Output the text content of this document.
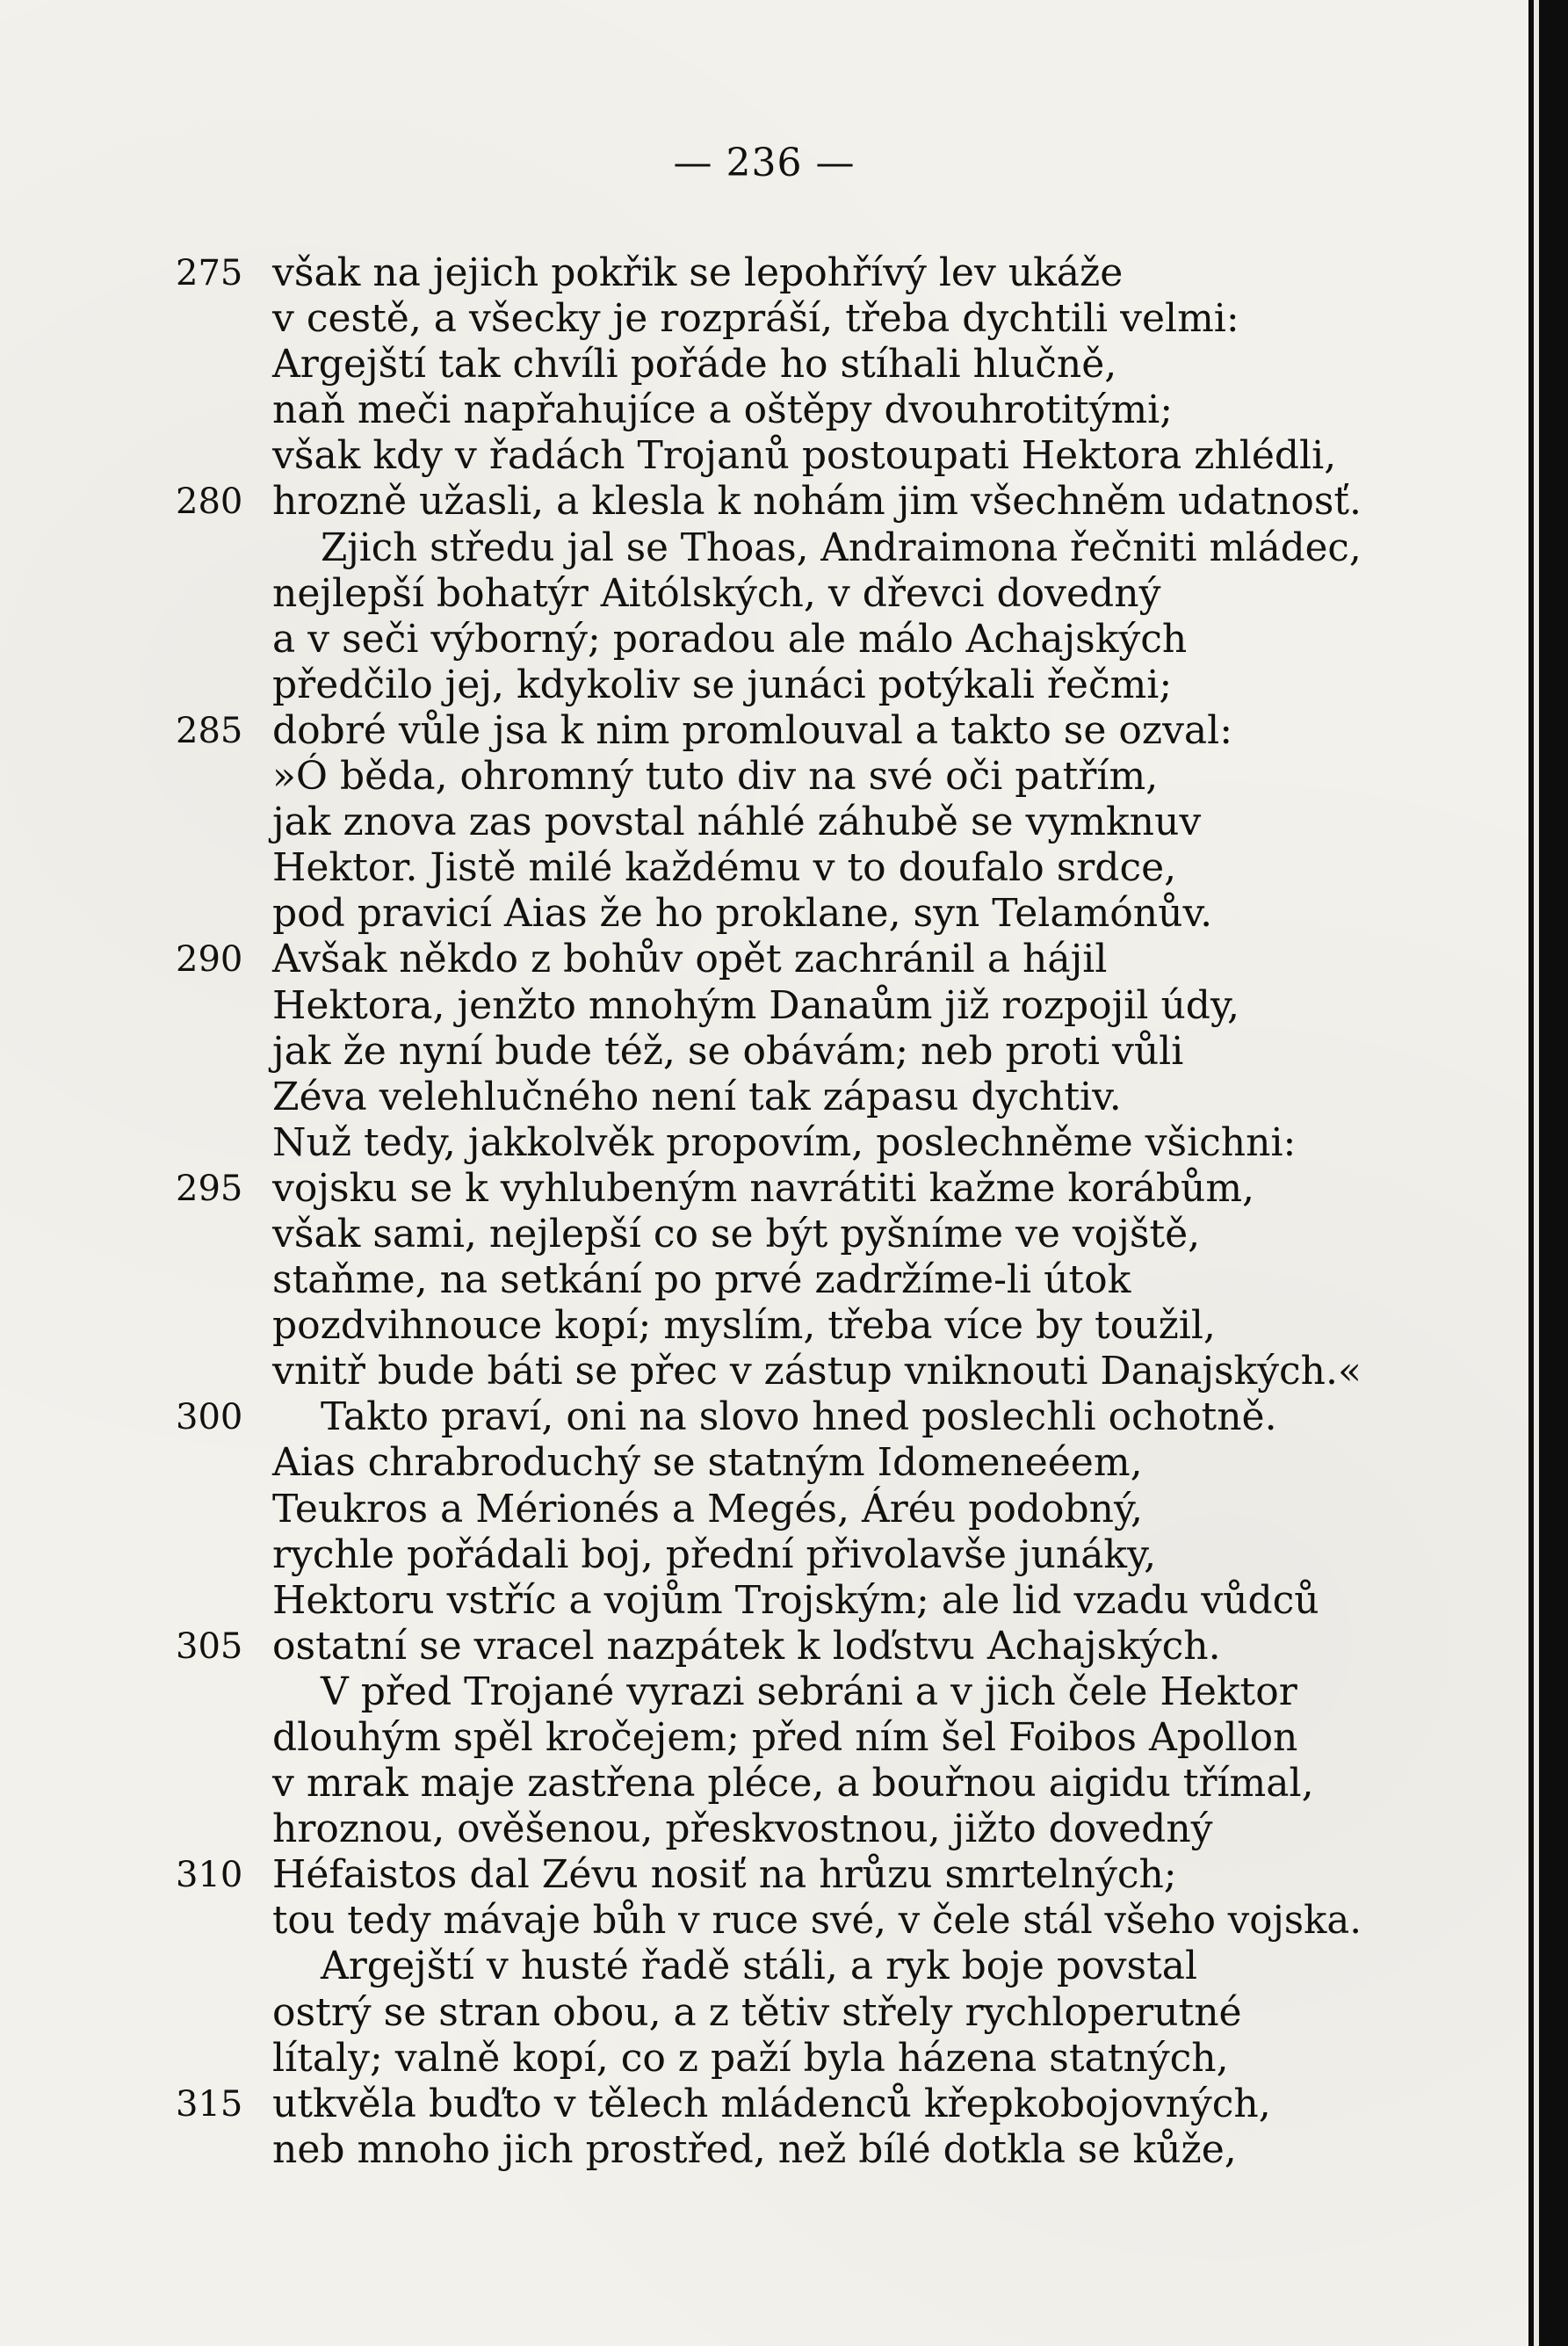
— 236 —
275 však na jejich pokřik se lepohřívý lev ukáže
v cestě, a všecky je rozpráší, třeba dychtili velmi:
Argejští tak chvíli pořáde ho stíhali hlučně,
naň meči napřahujíce a oštěpy dvouhrotitými;
však kdy v řadách Trojanů postoupati Hektora zhlédli,
280 hrozně užasli, a klesla k nohám jim všechněm udatnosť.
Zjich středu jal se Thoas, Andraimona řečniti mládec,
nejlepší bohatýr Aitólských, v dřevci dovedný
a v seči výborný; poradou ale málo Achajských
předčilo jej, kdykoliv se junáci potýkali řečmi;
285 dobré vůle jsa k nim promlouval a takto se ozval:
»Ó běda, ohromný tuto div na své oči patřím,
jak znova zas povstal náhlé záhubě se vymknuv
Hektor. Jistě milé každému v to doufalo srdce,
pod pravicí Aias že ho proklane, syn Telamónův.
290 Avšak někdo z bohův opět zachránil a hájil
Hektora, jenžto mnohým Danaům již rozpojil údy,
jak že nyní bude též, se obávám; neb proti vůli
Zéva velehlučného není tak zápasu dychtiv.
Nuž tedy, jakkolvěk propovím, poslechněme všichni:
295 vojsku se k vyhlubeným navrátiti kažme korábům,
však sami, nejlepší co se být pyšníme ve vojště,
staňme, na setkání po prvé zadržíme-li útok
pozdvihnouce kopí; myslím, třeba více by toužil,
vnitř bude báti se přec v zástup vniknouti Danajských.«
300	Takto praví, oni na slovo hned poslechli ochotně.
Aias chrabroduchý se statným Idomeneéem,
Teukros a Mérionés a Megés, Áréu podobný,
rychle pořádali boj, přední přivolavše junáky,
Hektoru vstříc a vojům Trojským; ale lid vzadu vůdců
305 ostatní se vracel nazpátek k loďstvu Achajských.
V před Trojané vyrazi sebráni a v jich čele Hektor
dlouhým spěl kročejem; před ním šel Foibos Apollon
v mrak maje zastřena pléce, a bouřnou aigidu třímal,
hroznou, ověšenou, přeskvostnou, jižto dovedný
310 Héfaistos dal Zévu nosiť na hrůzu smrtelných;
tou tedy mávaje bůh v ruce své, v čele stál všeho vojska.
Argejští v husté řadě stáli, a ryk boje povstal
ostrý se stran obou, a z tětiv střely rychloperutné
lítaly; valně kopí, co z paží byla házena statných,
315 utkvěla buďto v tělech mládenců křepkobojovných,
neb mnoho jich prostřed, než bílé dotkla se kůže,
